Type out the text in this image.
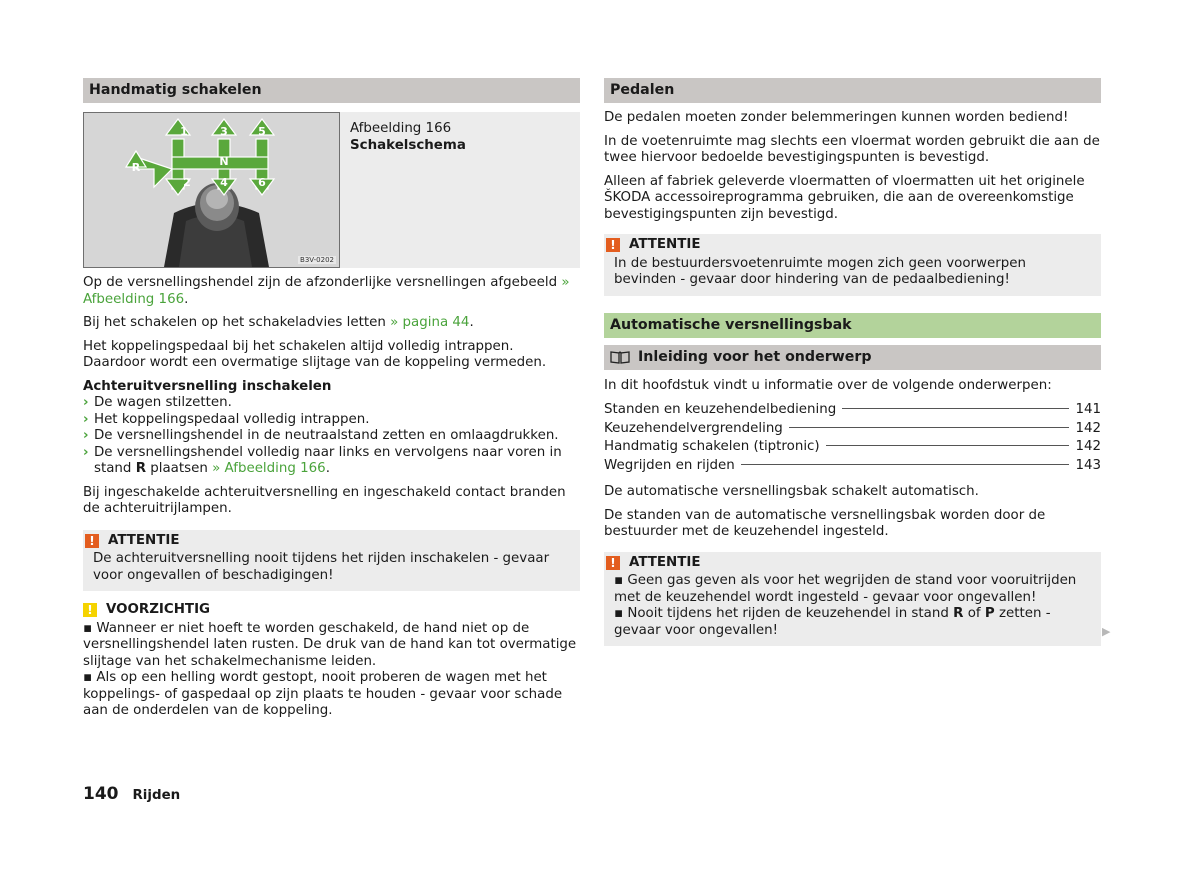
Handmatig schakelen
1	3	5
R	N
2	4	6
B3V-0202
Afbeelding 166
Schakelschema

Op de versnellingshendel zijn de afzonderlijke versnellingen afgebeeld » Afbeelding 166.

Bij het schakelen op het schakeladvies letten » pagina 44.

Het koppelingspedaal bij het schakelen altijd volledig intrappen. Daardoor wordt een overmatige slijtage van de koppeling vermeden.

Achteruitversnelling inschakelen
› De wagen stilzetten.
› Het koppelingspedaal volledig intrappen.
› De versnellingshendel in de neutraalstand zetten en omlaagdrukken.
› De versnellingshendel volledig naar links en vervolgens naar voren in stand R plaatsen » Afbeelding 166.

Bij ingeschakelde achteruitversnelling en ingeschakeld contact branden de achteruitrijlampen.

! ATTENTIE
De achteruitversnelling nooit tijdens het rijden inschakelen - gevaar voor ongevallen of beschadigingen!
! VOORZICHTIG
▪ Wanneer er niet hoeft te worden geschakeld, de hand niet op de versnellingshendel laten rusten. De druk van de hand kan tot overmatige slijtage van het schakelmechanisme leiden.
▪ Als op een helling wordt gestopt, nooit proberen de wagen met het koppelings- of gaspedaal op zijn plaats te houden - gevaar voor schade aan de onderdelen van de koppeling.
Pedalen

De pedalen moeten zonder belemmeringen kunnen worden bediend!

In de voetenruimte mag slechts een vloermat worden gebruikt die aan de twee hiervoor bedoelde bevestigingspunten is bevestigd.

Alleen af fabriek geleverde vloermatten of vloermatten uit het originele ŠKODA accessoireprogramma gebruiken, die aan de overeenkomstige bevestigingspunten zijn bevestigd.

! ATTENTIE
In de bestuurdersvoetenruimte mogen zich geen voorwerpen bevinden - gevaar door hindering van de pedaalbediening!
Automatische versnellingsbak
Inleiding voor het onderwerp

In dit hoofdstuk vindt u informatie over de volgende onderwerpen:

Standen en keuzehendelbediening	141
Keuzehendelvergrendeling	142
Handmatig schakelen (tiptronic)	142
Wegrijden en rijden	143

De automatische versnellingsbak schakelt automatisch.

De standen van de automatische versnellingsbak worden door de bestuurder met de keuzehendel ingesteld.

! ATTENTIE
▪ Geen gas geven als voor het wegrijden de stand voor vooruitrijden met de keuzehendel wordt ingesteld - gevaar voor ongevallen!
▪ Nooit tijdens het rijden de keuzehendel in stand R of P zetten - gevaar voor ongevallen!	▶
140 Rijden
